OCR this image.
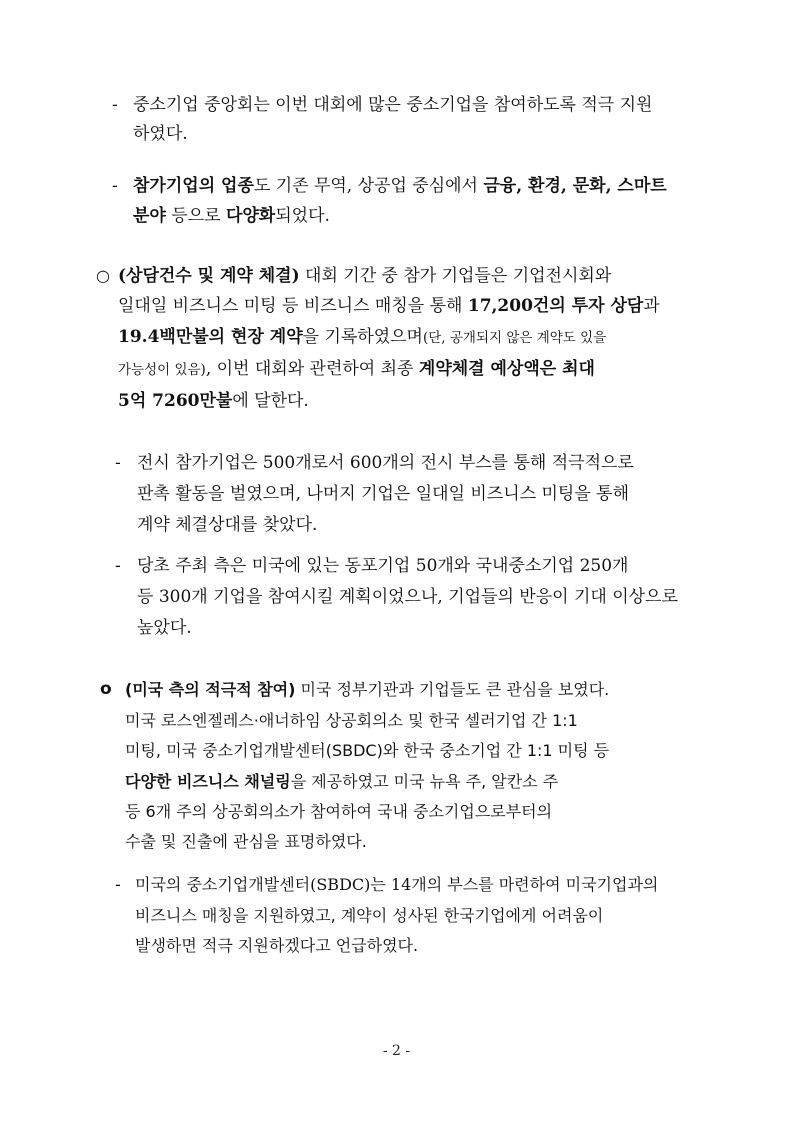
- 중소기업 중앙회는 이번 대회에 많은 중소기업을 참여하도록 적극 지원

하였다.

- 참가기업의 업종도 기존 무역, 상공업 중심에서 금융, 환경, 문화, 스마트

분야 등으로 다양화되었다.

○ (상담건수 및 계약 체결) 대회 기간 중 참가 기업들은 기업전시회와

일대일 비즈니스 미팅 등 비즈니스 매칭을 통해 17,200건의 투자 상담과

19.4백만불의 현장 계약을 기록하였으며(단, 공개되지 않은 계약도 있을

가능성이 있음), 이번 대회와 관련하여 최종 계약체결 예상액은 최대

5억 7260만불에 달한다.

- 전시 참가기업은 500개로서 600개의 전시 부스를 통해 적극적으로

판촉 활동을 벌였으며, 나머지 기업은 일대일 비즈니스 미팅을 통해

계약 체결상대를 찾았다.

- 당초 주최 측은 미국에 있는 동포기업 50개와 국내중소기업 250개

등 300개 기업을 참여시킬 계획이었으나, 기업들의 반응이 기대 이상으로

높았다.

o (미국 측의 적극적 참여) 미국 정부기관과 기업들도 큰 관심을 보였다.

미국 로스엔젤레스·애너하임 상공회의소 및 한국 셀러기업 간 1:1

미팅, 미국 중소기업개발센터(SBDC)와 한국 중소기업 간 1:1 미팅 등

다양한 비즈니스 채널링을 제공하였고 미국 뉴욕 주, 알칸소 주

등 6개 주의 상공회의소가 참여하여 국내 중소기업으로부터의

수출 및 진출에 관심을 표명하였다.

- 미국의 중소기업개발센터(SBDC)는 14개의 부스를 마련하여 미국기업과의

비즈니스 매칭을 지원하였고, 계약이 성사된 한국기업에게 어려움이

발생하면 적극 지원하겠다고 언급하였다.

- 2 -
